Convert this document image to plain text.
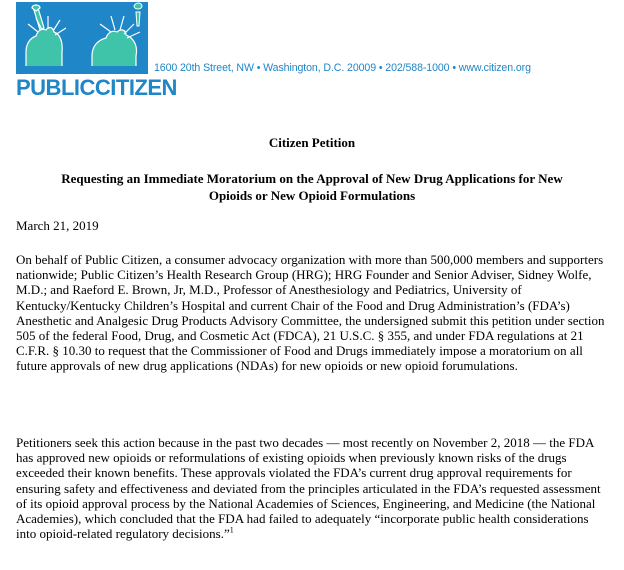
PUBLICCITIZEN
1600 20th Street, NW • Washington, D.C. 20009 • 202/588-1000 • www.citizen.org
Citizen Petition
Requesting an Immediate Moratorium on the Approval of New Drug Applications for New Opioids or New Opioid Formulations
March 21, 2019
On behalf of Public Citizen, a consumer advocacy organization with more than 500,000 members and supporters nationwide; Public Citizen’s Health Research Group (HRG); HRG Founder and Senior Adviser, Sidney Wolfe, M.D.; and Raeford E. Brown, Jr, M.D., Professor of Anesthesiology and Pediatrics, University of Kentucky/Kentucky Children’s Hospital and current Chair of the Food and Drug Administration’s (FDA’s) Anesthetic and Analgesic Drug Products Advisory Committee, the undersigned submit this petition under section 505 of the federal Food, Drug, and Cosmetic Act (FDCA), 21 U.S.C. § 355, and under FDA regulations at 21 C.F.R. § 10.30 to request that the Commissioner of Food and Drugs immediately impose a moratorium on all future approvals of new drug applications (NDAs) for new opioids or new opioid forumulations.
Petitioners seek this action because in the past two decades — most recently on November 2, 2018 — the FDA has approved new opioids or reformulations of existing opioids when previously known risks of the drugs exceeded their known benefits. These approvals violated the FDA’s current drug approval requirements for ensuring safety and effectiveness and deviated from the principles articulated in the FDA’s requested assessment of its opioid approval process by the National Academies of Sciences, Engineering, and Medicine (the National Academies), which concluded that the FDA had failed to adequately “incorporate public health considerations into opioid-related regulatory decisions.”$^1$
